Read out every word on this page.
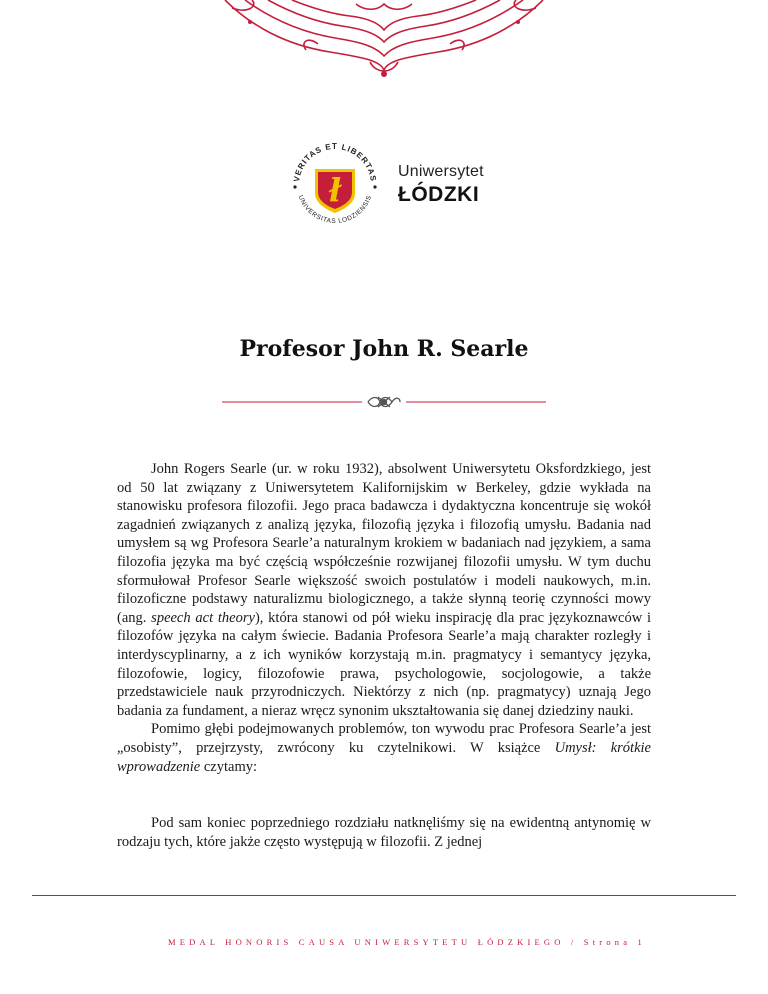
VERITAS ET LIBERTAS
UNIVERSITAS LODZIENSIS
ł	Uniwersytet
ŁÓDZKI
Profesor John R. Searle

John Rogers Searle (ur. w roku 1932), absolwent Uniwersytetu Oksfordzkiego, jest od 50 lat związany z Uniwersytetem Kalifornijskim w Berkeley, gdzie wykłada na stanowisku profesora filozofii. Jego praca badawcza i dydaktyczna koncentruje się wokół zagadnień związanych z analizą języka, filozofią języka i filozofią umysłu. Badania nad umysłem są wg Profesora Searle’a naturalnym krokiem w badaniach nad językiem, a sama filozofia języka ma być częścią współcześnie rozwijanej filozofii umysłu. W tym duchu sformułował Profesor Searle większość swoich postulatów i modeli naukowych, m.in. filozoficzne podstawy naturalizmu biologicznego, a także słynną teorię czynności mowy (ang. speech act theory), która stanowi od pół wieku inspirację dla prac językoznawców i filozofów języka na całym świecie. Badania Profesora Searle’a mają charakter rozległy i interdyscyplinarny, a z ich wyników korzystają m.in. pragmatycy i semantycy języka, filozofowie, logicy, filozofowie prawa, psychologowie, socjologowie, a także przedstawiciele nauk przyrodniczych. Niektórzy z nich (np. pragmatycy) uznają Jego badania za fundament, a nieraz wręcz synonim ukształtowania się danej dziedziny nauki.

Pomimo głębi podejmowanych problemów, ton wywodu prac Profesora Searle’a jest „osobisty”, przejrzysty, zwrócony ku czytelnikowi. W książce Umysł: krótkie wprowadzenie czytamy:

Pod sam koniec poprzedniego rozdziału natknęliśmy się na ewidentną antynomię w rodzaju tych, które jakże często występują w filozofii. Z jednej

MEDAL HONORIS CAUSA UNIWERSYTETU ŁÓDZKIEGO / Strona 1
